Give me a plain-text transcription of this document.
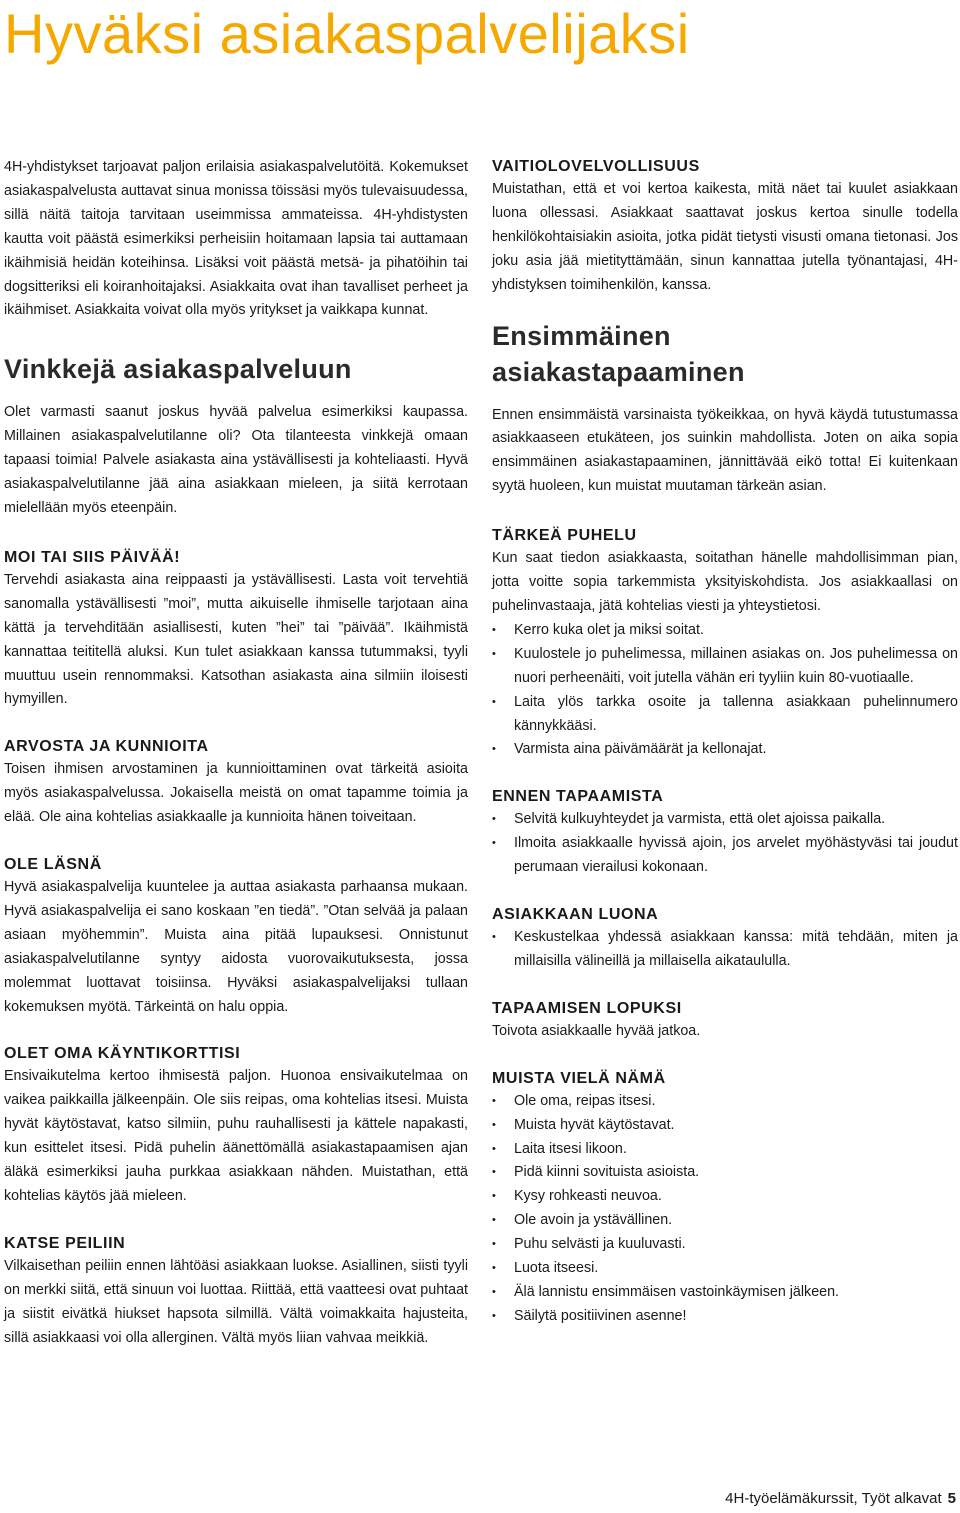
Hyväksi asiakaspalvelijaksi

4H-yhdistykset tarjoavat paljon erilaisia asiakaspalvelutöitä. Kokemukset asiakaspalvelusta auttavat sinua monissa töissäsi myös tulevaisuudessa, sillä näitä taitoja tarvitaan useimmissa ammateissa. 4H-yhdistysten kautta voit päästä esimerkiksi perheisiin hoitamaan lapsia tai auttamaan ikäihmisiä heidän koteihinsa. Lisäksi voit päästä metsä- ja pihatöihin tai dogsitteriksi eli koiranhoitajaksi. Asiakkaita ovat ihan tavalliset perheet ja ikäihmiset. Asiakkaita voivat olla myös yritykset ja vaikkapa kunnat.

Vinkkejä asiakaspalveluun

Olet varmasti saanut joskus hyvää palvelua esimerkiksi kaupassa. Millainen asiakaspalvelutilanne oli? Ota tilanteesta vinkkejä omaan tapaasi toimia! Palvele asiakasta aina ystävällisesti ja kohteliaasti. Hyvä asiakaspalvelutilanne jää aina asiakkaan mieleen, ja siitä kerrotaan mielellään myös eteenpäin.

MOI TAI SIIS PÄIVÄÄ!

Tervehdi asiakasta aina reippaasti ja ystävällisesti. Lasta voit tervehtiä sanomalla ystävällisesti ”moi”, mutta aikuiselle ihmiselle tarjotaan aina kättä ja tervehditään asiallisesti, kuten ”hei” tai ”päivää”. Ikäihmistä kannattaa teititellä aluksi. Kun tulet asiakkaan kanssa tutummaksi, tyyli muuttuu usein rennommaksi. Katsothan asiakasta aina silmiin iloisesti hymyillen.

ARVOSTA JA KUNNIOITA

Toisen ihmisen arvostaminen ja kunnioittaminen ovat tärkeitä asioita myös asiakaspalvelussa. Jokaisella meistä on omat tapamme toimia ja elää. Ole aina kohtelias asiakkaalle ja kunnioita hänen toiveitaan.

OLE LÄSNÄ

Hyvä asiakaspalvelija kuuntelee ja auttaa asiakasta parhaansa mukaan. Hyvä asiakaspalvelija ei sano koskaan ”en tiedä”. ”Otan selvää ja palaan asiaan myöhemmin”. Muista aina pitää lupauksesi. Onnistunut asiakaspalvelutilanne syntyy aidosta vuorovaikutuksesta, jossa molemmat luottavat toisiinsa. Hyväksi asiakaspalvelijaksi tullaan kokemuksen myötä. Tärkeintä on halu oppia.

OLET OMA KÄYNTIKORTTISI

Ensivaikutelma kertoo ihmisestä paljon. Huonoa ensivaikutelmaa on vaikea paikkailla jälkeenpäin. Ole siis reipas, oma kohtelias itsesi. Muista hyvät käytöstavat, katso silmiin, puhu rauhallisesti ja kättele napakasti, kun esittelet itsesi. Pidä puhelin äänettömällä asiakastapaamisen ajan äläkä esimerkiksi jauha purkkaa asiakkaan nähden. Muistathan, että kohtelias käytös jää mieleen.

KATSE PEILIIN

Vilkaisethan peiliin ennen lähtöäsi asiakkaan luokse. Asiallinen, siisti tyyli on merkki siitä, että sinuun voi luottaa. Riittää, että vaatteesi ovat puhtaat ja siistit eivätkä hiukset hapsota silmillä. Vältä voimakkaita hajusteita, sillä asiakkaasi voi olla allerginen. Vältä myös liian vahvaa meikkiä.

VAITIOLOVELVOLLISUUS

Muistathan, että et voi kertoa kaikesta, mitä näet tai kuulet asiakkaan luona ollessasi. Asiakkaat saattavat joskus kertoa sinulle todella henkilökohtaisiakin asioita, jotka pidät tietysti visusti omana tietonasi. Jos joku asia jää mietityttämään, sinun kannattaa jutella työnantajasi, 4H-yhdistyksen toimihenkilön, kanssa.

Ensimmäinen
asiakastapaaminen

Ennen ensimmäistä varsinaista työkeikkaa, on hyvä käydä tutustumassa asiakkaaseen etukäteen, jos suinkin mahdollista. Joten on aika sopia ensimmäinen asiakastapaaminen, jännittävää eikö totta! Ei kuitenkaan syytä huoleen, kun muistat muutaman tärkeän asian.

TÄRKEÄ PUHELU

Kun saat tiedon asiakkaasta, soitathan hänelle mahdollisimman pian, jotta voitte sopia tarkemmista yksityiskohdista. Jos asiakkaallasi on puhelinvastaaja, jätä kohtelias viesti ja yhteystietosi.

• Kerro kuka olet ja miksi soitat.
• Kuulostele jo puhelimessa, millainen asiakas on. Jos puhelimessa on nuori perheenäiti, voit jutella vähän eri tyyliin kuin 80-vuotiaalle.
• Laita ylös tarkka osoite ja tallenna asiakkaan puhelinnumero kännykkääsi.
• Varmista aina päivämäärät ja kellonajat.
ENNEN TAPAAMISTA
• Selvitä kulkuyhteydet ja varmista, että olet ajoissa paikalla.
• Ilmoita asiakkaalle hyvissä ajoin, jos arvelet myöhästyväsi tai joudut perumaan vierailusi kokonaan.
ASIAKKAAN LUONA
• Keskustelkaa yhdessä asiakkaan kanssa: mitä tehdään, miten ja millaisilla välineillä ja millaisella aikataululla.
TAPAAMISEN LOPUKSI

Toivota asiakkaalle hyvää jatkoa.

MUISTA VIELÄ NÄMÄ
• Ole oma, reipas itsesi.
• Muista hyvät käytöstavat.
• Laita itsesi likoon.
• Pidä kiinni sovituista asioista.
• Kysy rohkeasti neuvoa.
• Ole avoin ja ystävällinen.
• Puhu selvästi ja kuuluvasti.
• Luota itseesi.
• Älä lannistu ensimmäisen vastoinkäymisen jälkeen.
• Säilytä positiivinen asenne!
4H-työelämäkurssit, Työt alkavat 5
